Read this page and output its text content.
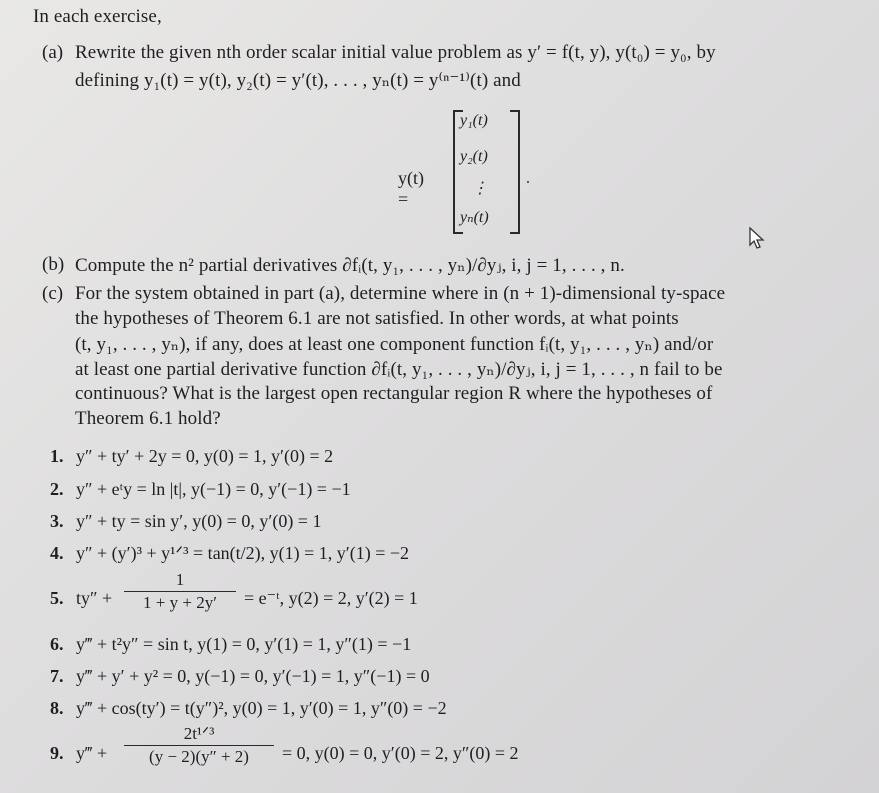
In each exercise,
(a) Rewrite the given nth order scalar initial value problem as y′ = f(t, y), y(t₀) = y₀, by
defining y₁(t) = y(t), y₂(t) = y′(t), . . . , yₙ(t) = y⁽ⁿ⁻¹⁾(t) and
y(t) =
y₁(t)
y₂(t)
⋮
yₙ(t)
.
(b) Compute the n² partial derivatives ∂fᵢ(t, y₁, . . . , yₙ)/∂yⱼ, i, j = 1, . . . , n.
(c) For the system obtained in part (a), determine where in (n + 1)-dimensional ty-space
the hypotheses of Theorem 6.1 are not satisfied. In other words, at what points
(t, y₁, . . . , yₙ), if any, does at least one component function fᵢ(t, y₁, . . . , yₙ) and/or
at least one partial derivative function ∂fᵢ(t, y₁, . . . , yₙ)/∂yⱼ, i, j = 1, . . . , n fail to be
continuous? What is the largest open rectangular region R where the hypotheses of
Theorem 6.1 hold?
1. y″ + ty′ + 2y = 0, y(0) = 1, y′(0) = 2
2. y″ + eᵗy = ln |t|, y(−1) = 0, y′(−1) = −1
3. y″ + ty = sin y′, y(0) = 0, y′(0) = 1
4. y″ + (y′)³ + y¹ᐟ³ = tan(t/2), y(1) = 1, y′(1) = −2
5. ty″ +
1
1 + y + 2y′	= e⁻ᵗ, y(2) = 2, y′(2) = 1
6. y‴ + t²y″ = sin t, y(1) = 0, y′(1) = 1, y″(1) = −1
7. y‴ + y′ + y² = 0, y(−1) = 0, y′(−1) = 1, y″(−1) = 0
8. y‴ + cos(ty′) = t(y″)², y(0) = 1, y′(0) = 1, y″(0) = −2
9. y‴ +
2t¹ᐟ³
(y − 2)(y″ + 2)	= 0, y(0) = 0, y′(0) = 2, y″(0) = 2
